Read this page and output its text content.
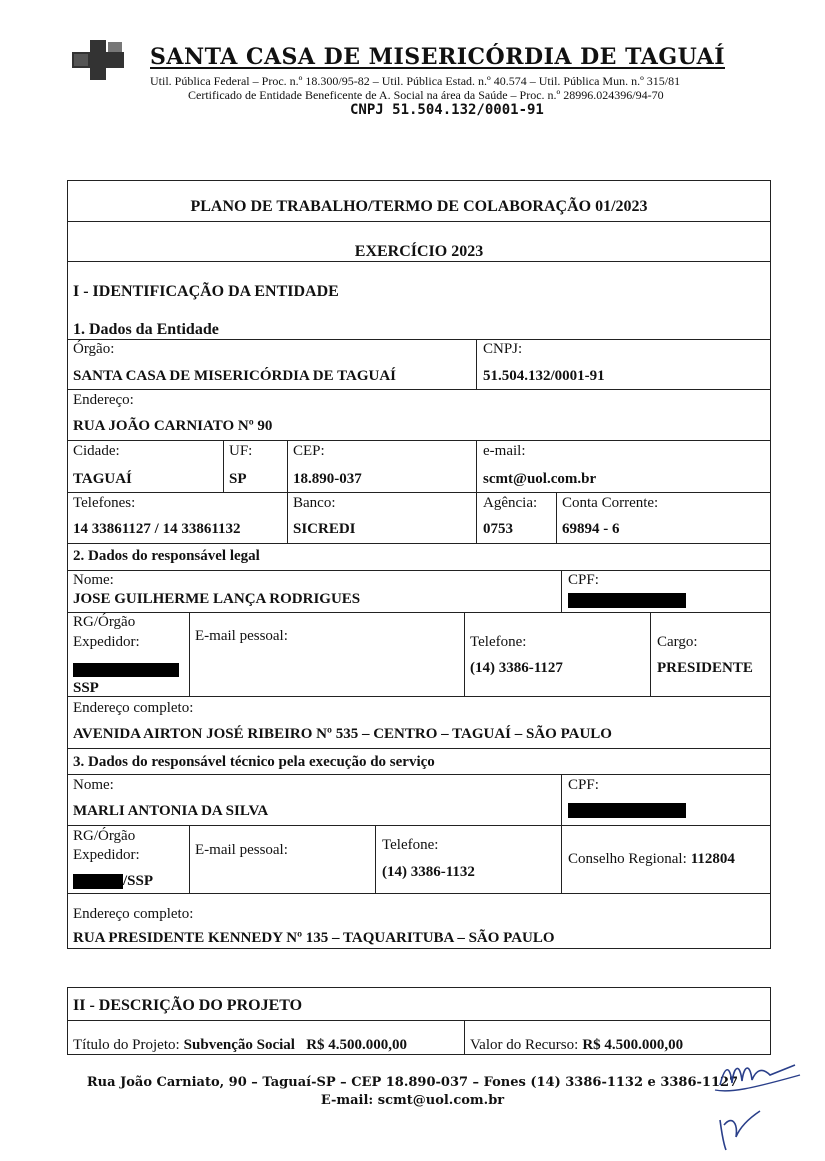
SANTA CASA DE MISERICÓRDIA DE TAGUAÍ
Util. Pública Federal – Proc. n.º 18.300/95-82 – Util. Pública Estad. n.º 40.574 – Util. Pública Mun. n.º 315/81
Certificado de Entidade Beneficente de A. Social na área da Saúde – Proc. n.º 28996.024396/94-70
CNPJ 51.504.132/0001-91
PLANO DE TRABALHO/TERMO DE COLABORAÇÃO 01/2023
EXERCÍCIO 2023
I - IDENTIFICAÇÃO DA ENTIDADE
1. Dados da Entidade
Órgão:
SANTA CASA DE MISERICÓRDIA DE TAGUAÍ
CNPJ:
51.504.132/0001-91
Endereço:
RUA JOÃO CARNIATO Nº 90
Cidade:
TAGUAÍ
UF:
SP
CEP:
18.890-037
e-mail:
scmt@uol.com.br
Telefones:
14 33861127 / 14 33861132
Banco:
SICREDI
Agência:
0753
Conta Corrente:
69894 - 6
2. Dados do responsável legal
Nome:
JOSE GUILHERME LANÇA RODRIGUES
CPF:
RG/Órgão
Expedidor:
SSP
E-mail pessoal:	Telefone:
(14) 3386-1127
Cargo:
PRESIDENTE
Endereço completo:
AVENIDA AIRTON JOSÉ RIBEIRO Nº 535 – CENTRO – TAGUAÍ – SÃO PAULO
3. Dados do responsável técnico pela execução do serviço
Nome:
MARLI ANTONIA DA SILVA
CPF:
RG/Órgão
Expedidor:
/SSP
E-mail pessoal:	Telefone:
(14) 3386-1132
Conselho Regional: 112804
Endereço completo:
RUA PRESIDENTE KENNEDY Nº 135 – TAQUARITUBA – SÃO PAULO
II - DESCRIÇÃO DO PROJETO
Título do Projeto: Subvenção Social   R$ 4.500.000,00	Valor do Recurso: R$ 4.500.000,00
Rua João Carniato, 90 – Taguaí-SP – CEP 18.890-037 – Fones (14) 3386-1132 e 3386-1127
E-mail: scmt@uol.com.br
